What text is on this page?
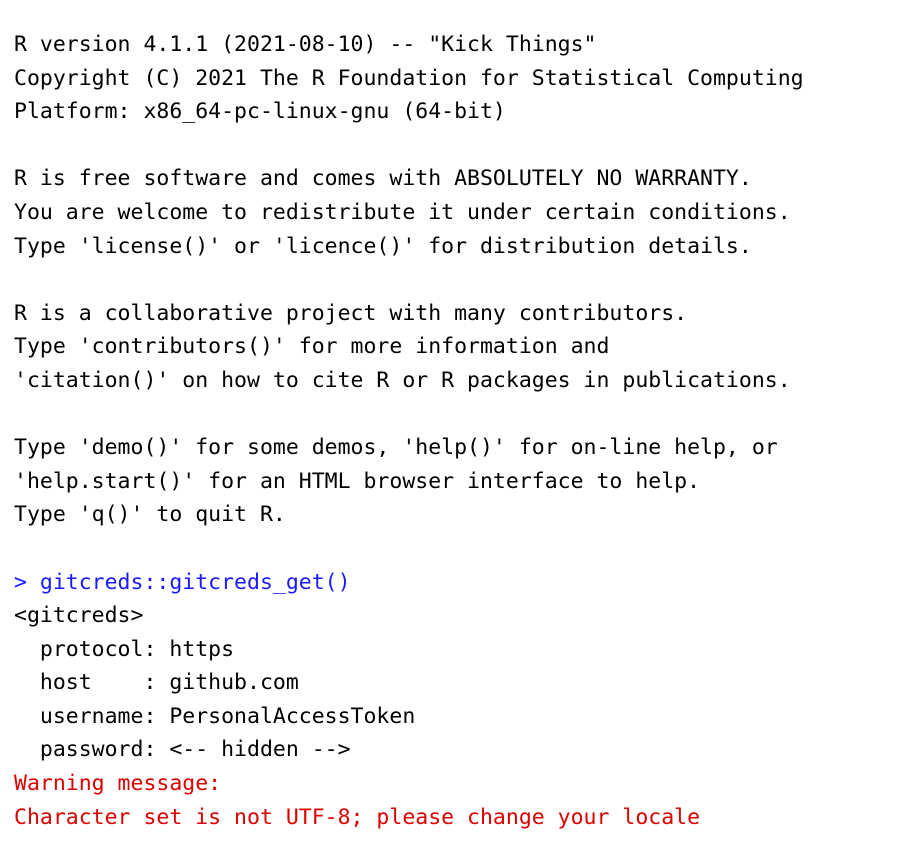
R version 4.1.1 (2021-08-10) -- "Kick Things"
Copyright (C) 2021 The R Foundation for Statistical Computing
Platform: x86_64-pc-linux-gnu (64-bit)

R is free software and comes with ABSOLUTELY NO WARRANTY.
You are welcome to redistribute it under certain conditions.
Type 'license()' or 'licence()' for distribution details.

R is a collaborative project with many contributors.
Type 'contributors()' for more information and
'citation()' on how to cite R or R packages in publications.

Type 'demo()' for some demos, 'help()' for on-line help, or
'help.start()' for an HTML browser interface to help.
Type 'q()' to quit R.

> gitcreds::gitcreds_get()
<gitcreds>
protocol: https
host    : github.com
username: PersonalAccessToken
password: <-- hidden -->
Warning message:
Character set is not UTF-8; please change your locale
